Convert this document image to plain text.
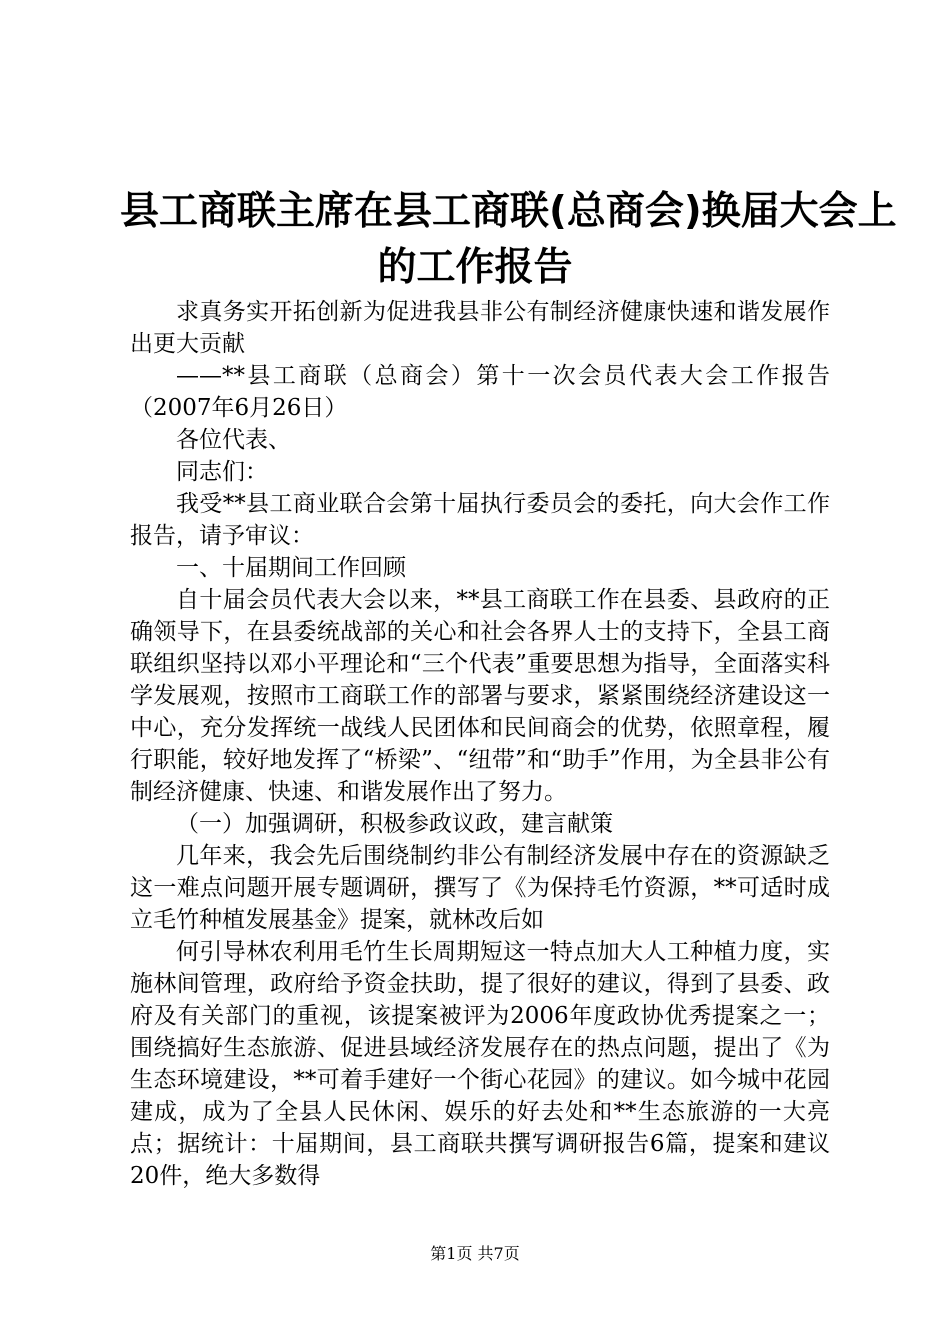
县工商联主席在县工商联(总商会)换届大会上
的工作报告

求真务实开拓创新为促进我县非公有制经济健康快速和谐发展作出更大贡献

——**县工商联（总商会）第十一次会员代表大会工作报告（2007年6月26日）

各位代表、

同志们：

我受**县工商业联合会第十届执行委员会的委托，向大会作工作报告，请予审议：

一、十届期间工作回顾

自十届会员代表大会以来，**县工商联工作在县委、县政府的正确领导下，在县委统战部的关心和社会各界人士的支持下，全县工商联组织坚持以邓小平理论和“三个代表”重要思想为指导，全面落实科学发展观，按照市工商联工作的部署与要求，紧紧围绕经济建设这一中心，充分发挥统一战线人民团体和民间商会的优势，依照章程，履行职能，较好地发挥了“桥梁”、“纽带”和“助手”作用，为全县非公有制经济健康、快速、和谐发展作出了努力。

（一）加强调研，积极参政议政，建言献策

几年来，我会先后围绕制约非公有制经济发展中存在的资源缺乏这一难点问题开展专题调研，撰写了《为保持毛竹资源，**可适时成立毛竹种植发展基金》提案，就林改后如

何引导林农利用毛竹生长周期短这一特点加大人工种植力度，实施林间管理，政府给予资金扶助，提了很好的建议，得到了县委、政府及有关部门的重视，该提案被评为2006年度政协优秀提案之一；围绕搞好生态旅游、促进县域经济发展存在的热点问题，提出了《为生态环境建设，**可着手建好一个街心花园》的建议。如今城中花园建成，成为了全县人民休闲、娱乐的好去处和**生态旅游的一大亮点；据统计：十届期间，县工商联共撰写调研报告6篇，提案和建议20件，绝大多数得

第1页 共7页
